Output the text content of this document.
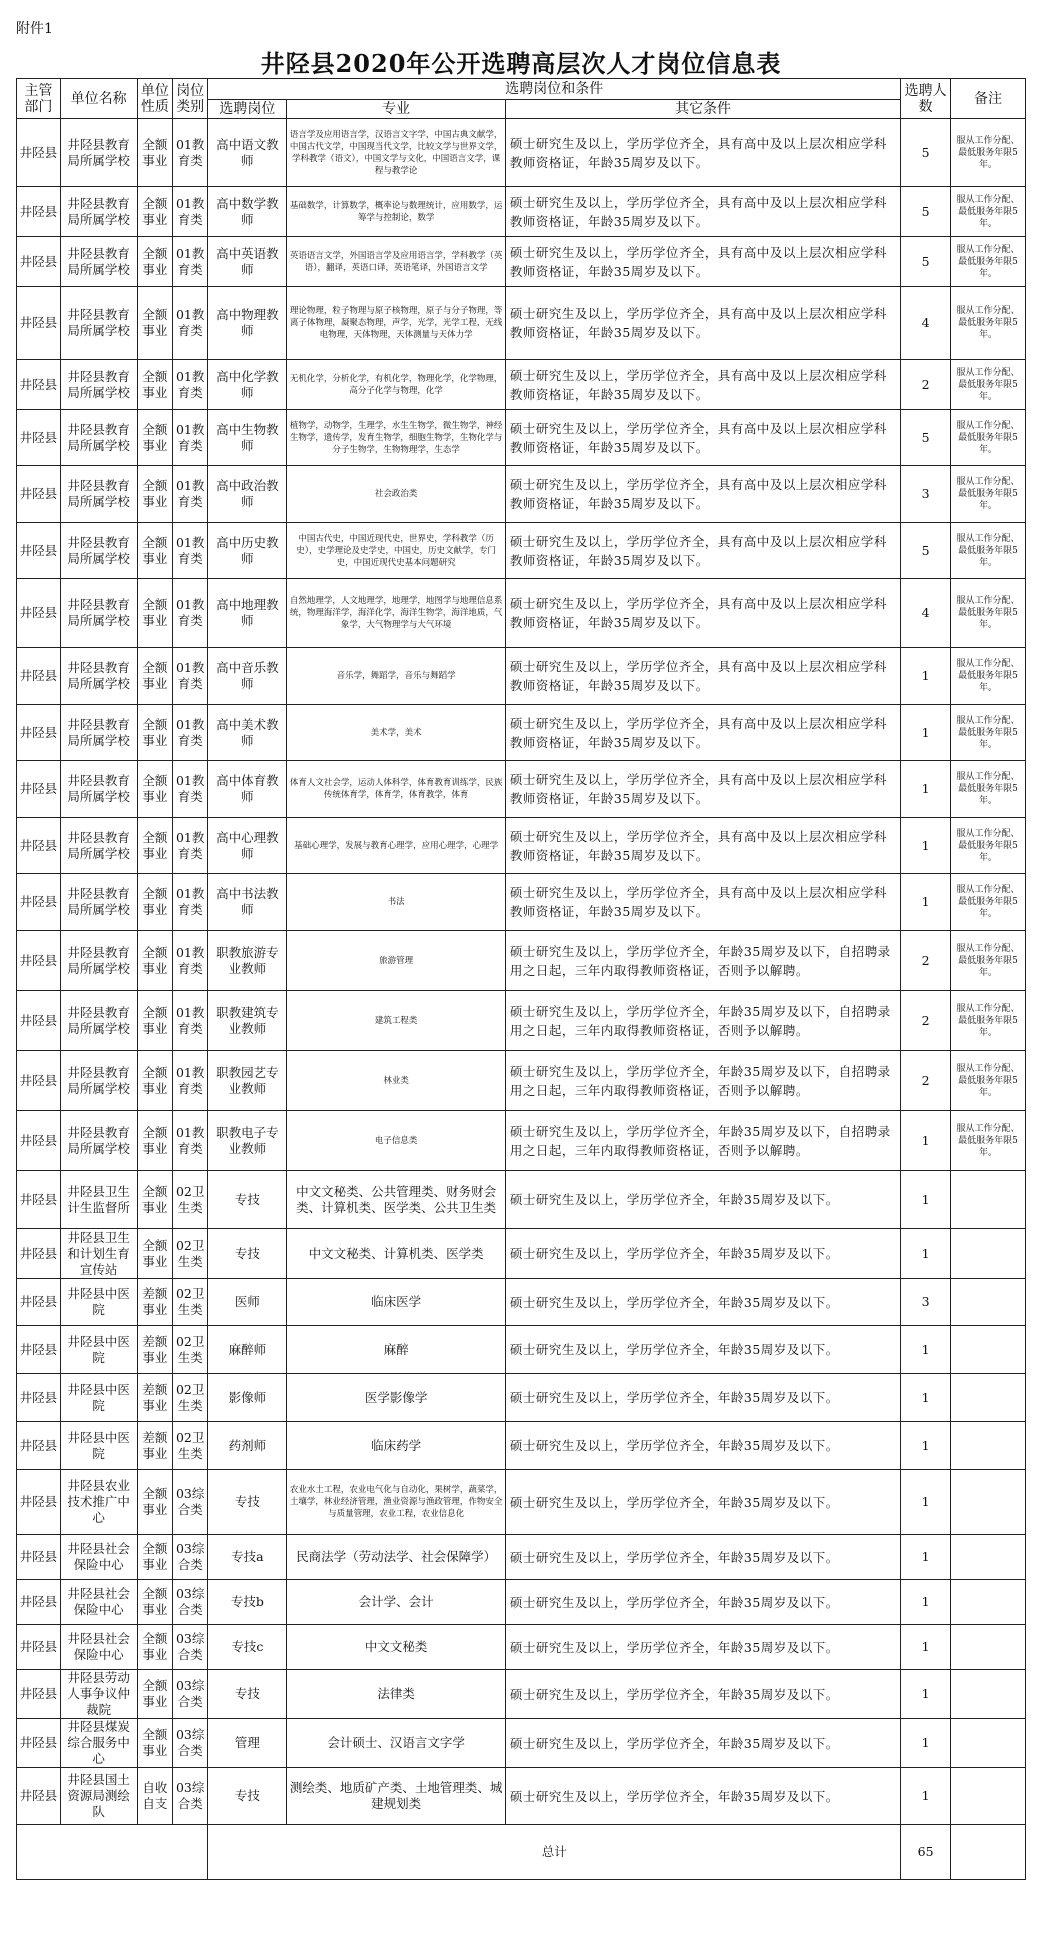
附件1
井陉县2020年公开选聘高层次人才岗位信息表
主管部门	单位名称	单位性质	岗位类别	选聘岗位和条件			选聘人数	备注
				选聘岗位	专业	其它条件		
井陉县	井陉县教育局所属学校	全额事业	01教育类	高中语文教师	语言学及应用语言学，汉语言文字学，中国古典文献学，中国古代文学，中国现当代文学，比较文学与世界文学，学科教学（语文），中国文学与文化，中国语言文学，课程与教学论	硕士研究生及以上，学历学位齐全，具有高中及以上层次相应学科教师资格证，年龄35周岁及以下。	5	服从工作分配、最低服务年限5年。
井陉县	井陉县教育局所属学校	全额事业	01教育类	高中数学教师	基础数学，计算数学，概率论与数理统计，应用数学，运筹学与控制论，数学	硕士研究生及以上，学历学位齐全，具有高中及以上层次相应学科教师资格证，年龄35周岁及以下。	5	服从工作分配、最低服务年限5年。
井陉县	井陉县教育局所属学校	全额事业	01教育类	高中英语教师	英语语言文学，外国语言学及应用语言学，学科教学（英语），翻译，英语口译，英语笔译，外国语言文学	硕士研究生及以上，学历学位齐全，具有高中及以上层次相应学科教师资格证，年龄35周岁及以下。	5	服从工作分配、最低服务年限5年。
井陉县	井陉县教育局所属学校	全额事业	01教育类	高中物理教师	理论物理，粒子物理与原子核物理，原子与分子物理，等离子体物理，凝聚态物理，声学，光学，光学工程，无线电物理，天体物理，天体测量与天体力学	硕士研究生及以上，学历学位齐全，具有高中及以上层次相应学科教师资格证，年龄35周岁及以下。	4	服从工作分配、最低服务年限5年。
井陉县	井陉县教育局所属学校	全额事业	01教育类	高中化学教师	无机化学，分析化学，有机化学，物理化学，化学物理，高分子化学与物理，化学	硕士研究生及以上，学历学位齐全，具有高中及以上层次相应学科教师资格证，年龄35周岁及以下。	2	服从工作分配、最低服务年限5年。
井陉县	井陉县教育局所属学校	全额事业	01教育类	高中生物教师	植物学，动物学，生理学，水生生物学，微生物学，神经生物学，遗传学，发育生物学，细胞生物学，生物化学与分子生物学，生物物理学，生态学	硕士研究生及以上，学历学位齐全，具有高中及以上层次相应学科教师资格证，年龄35周岁及以下。	5	服从工作分配、最低服务年限5年。
井陉县	井陉县教育局所属学校	全额事业	01教育类	高中政治教师	社会政治类	硕士研究生及以上，学历学位齐全，具有高中及以上层次相应学科教师资格证，年龄35周岁及以下。	3	服从工作分配、最低服务年限5年。
井陉县	井陉县教育局所属学校	全额事业	01教育类	高中历史教师	中国古代史，中国近现代史，世界史，学科教学（历史），史学理论及史学史，中国史，历史文献学，专门史，中国近现代史基本问题研究	硕士研究生及以上，学历学位齐全，具有高中及以上层次相应学科教师资格证，年龄35周岁及以下。	5	服从工作分配、最低服务年限5年。
井陉县	井陉县教育局所属学校	全额事业	01教育类	高中地理教师	自然地理学，人文地理学，地理学，地图学与地理信息系统，物理海洋学，海洋化学，海洋生物学，海洋地质，气象学，大气物理学与大气环境	硕士研究生及以上，学历学位齐全，具有高中及以上层次相应学科教师资格证，年龄35周岁及以下。	4	服从工作分配、最低服务年限5年。
井陉县	井陉县教育局所属学校	全额事业	01教育类	高中音乐教师	音乐学，舞蹈学，音乐与舞蹈学	硕士研究生及以上，学历学位齐全，具有高中及以上层次相应学科教师资格证，年龄35周岁及以下。	1	服从工作分配、最低服务年限5年。
井陉县	井陉县教育局所属学校	全额事业	01教育类	高中美术教师	美术学，美术	硕士研究生及以上，学历学位齐全，具有高中及以上层次相应学科教师资格证，年龄35周岁及以下。	1	服从工作分配、最低服务年限5年。
井陉县	井陉县教育局所属学校	全额事业	01教育类	高中体育教师	体育人文社会学，运动人体科学，体育教育训练学，民族传统体育学，体育学，体育教学，体育	硕士研究生及以上，学历学位齐全，具有高中及以上层次相应学科教师资格证，年龄35周岁及以下。	1	服从工作分配、最低服务年限5年。
井陉县	井陉县教育局所属学校	全额事业	01教育类	高中心理教师	基础心理学，发展与教育心理学，应用心理学，心理学	硕士研究生及以上，学历学位齐全，具有高中及以上层次相应学科教师资格证，年龄35周岁及以下。	1	服从工作分配、最低服务年限5年。
井陉县	井陉县教育局所属学校	全额事业	01教育类	高中书法教师	书法	硕士研究生及以上，学历学位齐全，具有高中及以上层次相应学科教师资格证，年龄35周岁及以下。	1	服从工作分配、最低服务年限5年。
井陉县	井陉县教育局所属学校	全额事业	01教育类	职教旅游专业教师	旅游管理	硕士研究生及以上，学历学位齐全，年龄35周岁及以下，自招聘录用之日起，三年内取得教师资格证，否则予以解聘。	2	服从工作分配、最低服务年限5年。
井陉县	井陉县教育局所属学校	全额事业	01教育类	职教建筑专业教师	建筑工程类	硕士研究生及以上，学历学位齐全，年龄35周岁及以下，自招聘录用之日起，三年内取得教师资格证，否则予以解聘。	2	服从工作分配、最低服务年限5年。
井陉县	井陉县教育局所属学校	全额事业	01教育类	职教园艺专业教师	林业类	硕士研究生及以上，学历学位齐全，年龄35周岁及以下，自招聘录用之日起，三年内取得教师资格证，否则予以解聘。	2	服从工作分配、最低服务年限5年。
井陉县	井陉县教育局所属学校	全额事业	01教育类	职教电子专业教师	电子信息类	硕士研究生及以上，学历学位齐全，年龄35周岁及以下，自招聘录用之日起，三年内取得教师资格证，否则予以解聘。	1	服从工作分配、最低服务年限5年。
井陉县	井陉县卫生计生监督所	全额事业	02卫生类	专技	中文文秘类、公共管理类、财务财会类、计算机类、医学类、公共卫生类	硕士研究生及以上，学历学位齐全，年龄35周岁及以下。	1	
井陉县	井陉县卫生和计划生育宣传站	全额事业	02卫生类	专技	中文文秘类、计算机类、医学类	硕士研究生及以上，学历学位齐全，年龄35周岁及以下。	1	
井陉县	井陉县中医院	差额事业	02卫生类	医师	临床医学	硕士研究生及以上，学历学位齐全，年龄35周岁及以下。	3	
井陉县	井陉县中医院	差额事业	02卫生类	麻醉师	麻醉	硕士研究生及以上，学历学位齐全，年龄35周岁及以下。	1	
井陉县	井陉县中医院	差额事业	02卫生类	影像师	医学影像学	硕士研究生及以上，学历学位齐全，年龄35周岁及以下。	1	
井陉县	井陉县中医院	差额事业	02卫生类	药剂师	临床药学	硕士研究生及以上，学历学位齐全，年龄35周岁及以下。	1	
井陉县	井陉县农业技术推广中心	全额事业	03综合类	专技	农业水土工程，农业电气化与自动化，果树学，蔬菜学，土壤学，林业经济管理，渔业资源与渔政管理，作物安全与质量管理，农业工程，农业信息化	硕士研究生及以上，学历学位齐全，年龄35周岁及以下。	1	
井陉县	井陉县社会保险中心	全额事业	03综合类	专技a	民商法学（劳动法学、社会保障学）	硕士研究生及以上，学历学位齐全，年龄35周岁及以下。	1	
井陉县	井陉县社会保险中心	全额事业	03综合类	专技b	会计学、会计	硕士研究生及以上，学历学位齐全，年龄35周岁及以下。	1	
井陉县	井陉县社会保险中心	全额事业	03综合类	专技c	中文文秘类	硕士研究生及以上，学历学位齐全，年龄35周岁及以下。	1	
井陉县	井陉县劳动人事争议仲裁院	全额事业	03综合类	专技	法律类	硕士研究生及以上，学历学位齐全，年龄35周岁及以下。	1	
井陉县	井陉县煤炭综合服务中心	全额事业	03综合类	管理	会计硕士、汉语言文字学	硕士研究生及以上，学历学位齐全，年龄35周岁及以下。	1	
井陉县	井陉县国土资源局测绘队	自收自支	03综合类	专技	测绘类、地质矿产类、土地管理类、城建规划类	硕士研究生及以上，学历学位齐全，年龄35周岁及以下。	1	
				总计			65	
